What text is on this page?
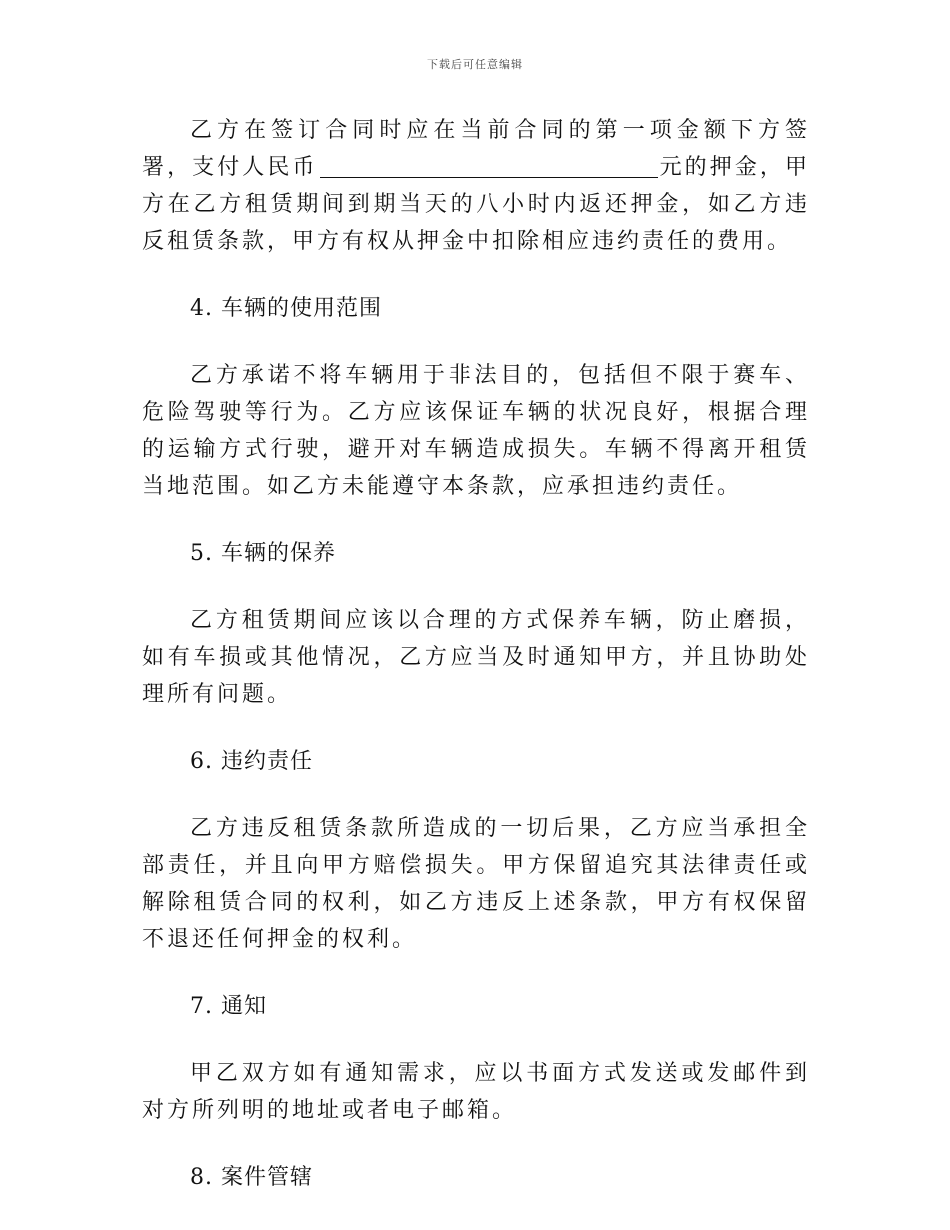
下载后可任意编辑

乙方在签订合同时应在当前合同的第一项金额下方签署，支付人民币	元的押金，甲方在乙方租赁期间到期当天的八小时内返还押金，如乙方违反租赁条款，甲方有权从押金中扣除相应违约责任的费用。

4. 车辆的使用范围

乙方承诺不将车辆用于非法目的，包括但不限于赛车、危险驾驶等行为。乙方应该保证车辆的状况良好，根据合理的运输方式行驶，避开对车辆造成损失。车辆不得离开租赁当地范围。如乙方未能遵守本条款，应承担违约责任。

5. 车辆的保养

乙方租赁期间应该以合理的方式保养车辆，防止磨损，如有车损或其他情况，乙方应当及时通知甲方，并且协助处理所有问题。

6. 违约责任

乙方违反租赁条款所造成的一切后果，乙方应当承担全部责任，并且向甲方赔偿损失。甲方保留追究其法律责任或解除租赁合同的权利，如乙方违反上述条款，甲方有权保留不退还任何押金的权利。

7. 通知

甲乙双方如有通知需求，应以书面方式发送或发邮件到对方所列明的地址或者电子邮箱。

8. 案件管辖
